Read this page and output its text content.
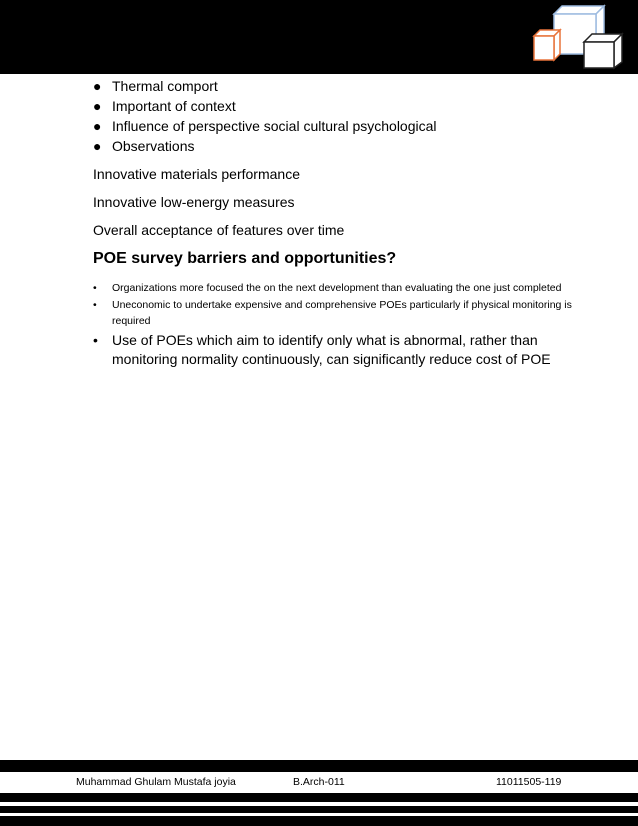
● Thermal comport
● Important of context
● Influence of perspective social cultural psychological
● Observations

Innovative materials performance

Innovative low-energy measures

Overall acceptance of features over time

POE survey barriers and opportunities?
• Organizations more focused the on the next development than evaluating the one just completed
• Uneconomic to undertake expensive and comprehensive POEs particularly if physical monitoring is required
• Use of POEs which aim to identify only what is abnormal, rather than monitoring normality continuously, can significantly reduce cost of POE
Muhammad Ghulam Mustafa joyia	B.Arch-011	11011505-119
